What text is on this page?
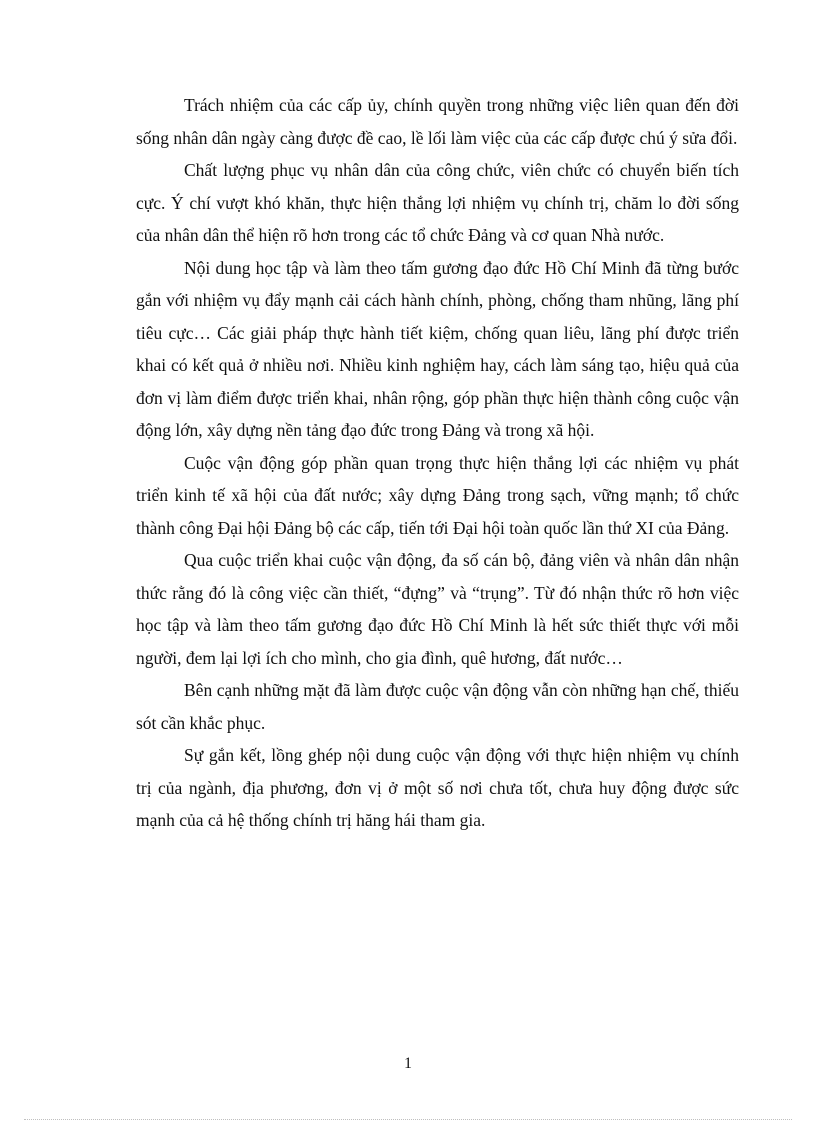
Trách nhiệm của các cấp ủy, chính quyền trong những việc liên quan đến đời sống nhân dân ngày càng được đề cao, lề lối làm việc của các cấp được chú ý sửa đổi.

Chất lượng phục vụ nhân dân của công chức, viên chức có chuyển biến tích cực. Ý chí vượt khó khăn, thực hiện thắng lợi nhiệm vụ chính trị, chăm lo đời sống của nhân dân thể hiện rõ hơn trong các tổ chức Đảng và cơ quan Nhà nước.

Nội dung học tập và làm theo tấm gương đạo đức Hồ Chí Minh đã từng bước gắn với nhiệm vụ đẩy mạnh cải cách hành chính, phòng, chống tham nhũng, lãng phí tiêu cực… Các giải pháp thực hành tiết kiệm, chống quan liêu, lãng phí được triển khai có kết quả ở nhiều nơi. Nhiều kinh nghiệm hay, cách làm sáng tạo, hiệu quả của đơn vị làm điểm được triển khai, nhân rộng, góp phần thực hiện thành công cuộc vận động lớn, xây dựng nền tảng đạo đức trong Đảng và trong xã hội.

Cuộc vận động góp phần quan trọng thực hiện thắng lợi các nhiệm vụ phát triển kinh tế xã hội của đất nước; xây dựng Đảng trong sạch, vững mạnh; tổ chức thành công Đại hội Đảng bộ các cấp, tiến tới Đại hội toàn quốc lần thứ XI của Đảng.

Qua cuộc triển khai cuộc vận động, đa số cán bộ, đảng viên và nhân dân nhận thức rằng đó là công việc cần thiết, “đựng” và “trụng”. Từ đó nhận thức rõ hơn việc học tập và làm theo tấm gương đạo đức Hồ Chí Minh là hết sức thiết thực với mỗi người, đem lại lợi ích cho mình, cho gia đình, quê hương, đất nước…

Bên cạnh những mặt đã làm được cuộc vận động vẫn còn những hạn chế, thiếu sót cần khắc phục.

Sự gắn kết, lồng ghép nội dung cuộc vận động với thực hiện nhiệm vụ chính trị của ngành, địa phương, đơn vị ở một số nơi chưa tốt, chưa huy động được sức mạnh của cả hệ thống chính trị hăng hái tham gia.

1
